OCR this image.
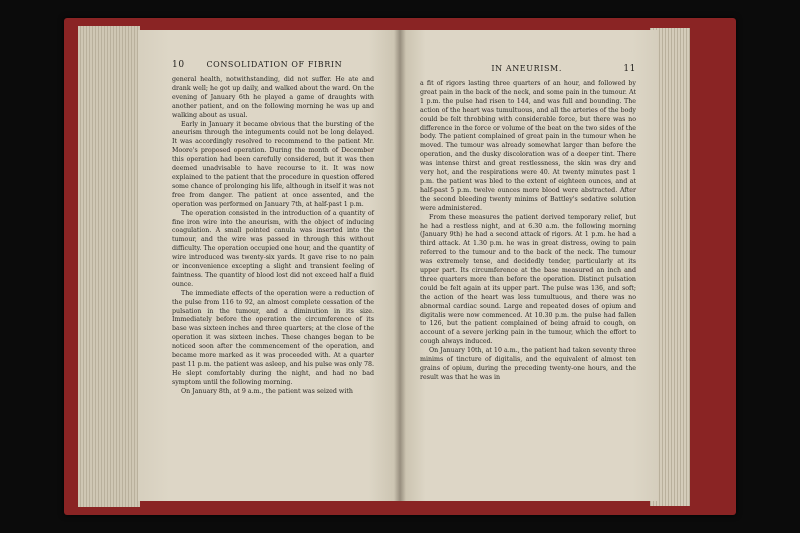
10	CONSOLIDATION OF FIBRIN

general health, notwithstanding, did not suffer. He ate and drank well; he got up daily, and walked about the ward. On the evening of January 6th he played a game of draughts with another patient, and on the following morning he was up and walking about as usual.

Early in January it became obvious that the bursting of the aneurism through the integuments could not be long delayed. It was accordingly resolved to recommend to the patient Mr. Moore's proposed operation. During the month of December this operation had been carefully considered, but it was then deemed unadvisable to have recourse to it. It was now explained to the patient that the procedure in question offered some chance of prolonging his life, although in itself it was not free from danger. The patient at once assented, and the operation was performed on January 7th, at half-past 1 p.m.

The operation consisted in the introduction of a quantity of fine iron wire into the aneurism, with the object of inducing coagulation. A small pointed canula was inserted into the tumour, and the wire was passed in through this without difficulty. The operation occupied one hour, and the quantity of wire introduced was twenty-six yards. It gave rise to no pain or inconvenience excepting a slight and transient feeling of faintness. The quantity of blood lost did not exceed half a fluid ounce.

The immediate effects of the operation were a reduction of the pulse from 116 to 92, an almost complete cessation of the pulsation in the tumour, and a diminution in its size. Immediately before the operation the circumference of its base was sixteen inches and three quarters; at the close of the operation it was sixteen inches. These changes began to be noticed soon after the commencement of the operation, and became more marked as it was proceeded with. At a quarter past 11 p.m. the patient was asleep, and his pulse was only 78. He slept comfortably during the night, and had no bad symptom until the following morning.

On January 8th, at 9 a.m., the patient was seized with

IN ANEURISM.	11

a fit of rigors lasting three quarters of an hour, and followed by great pain in the back of the neck, and some pain in the tumour. At 1 p.m. the pulse had risen to 144, and was full and bounding. The action of the heart was tumultuous, and all the arteries of the body could be felt throbbing with considerable force, but there was no difference in the force or volume of the beat on the two sides of the body. The patient complained of great pain in the tumour when he moved. The tumour was already somewhat larger than before the operation, and the dusky discoloration was of a deeper tint. There was intense thirst and great restlessness, the skin was dry and very hot, and the respirations were 40. At twenty minutes past 1 p.m. the patient was bled to the extent of eighteen ounces, and at half-past 5 p.m. twelve ounces more blood were abstracted. After the second bleeding twenty minims of Battley's sedative solution were administered.

From these measures the patient derived temporary relief, but he had a restless night, and at 6.30 a.m. the following morning (January 9th) he had a second attack of rigors. At 1 p.m. he had a third attack. At 1.30 p.m. he was in great distress, owing to pain referred to the tumour and to the back of the neck. The tumour was extremely tense, and decidedly tender, particularly at its upper part. Its circumference at the base measured an inch and three quarters more than before the operation. Distinct pulsation could be felt again at its upper part. The pulse was 136, and soft; the action of the heart was less tumultuous, and there was no abnormal cardiac sound. Large and repeated doses of opium and digitalis were now commenced. At 10.30 p.m. the pulse had fallen to 126, but the patient complained of being afraid to cough, on account of a severe jerking pain in the tumour, which the effort to cough always induced.

On January 10th, at 10 a.m., the patient had taken seventy three minims of tincture of digitalis, and the equivalent of almost ten grains of opium, during the preceding twenty-one hours, and the result was that he was in
